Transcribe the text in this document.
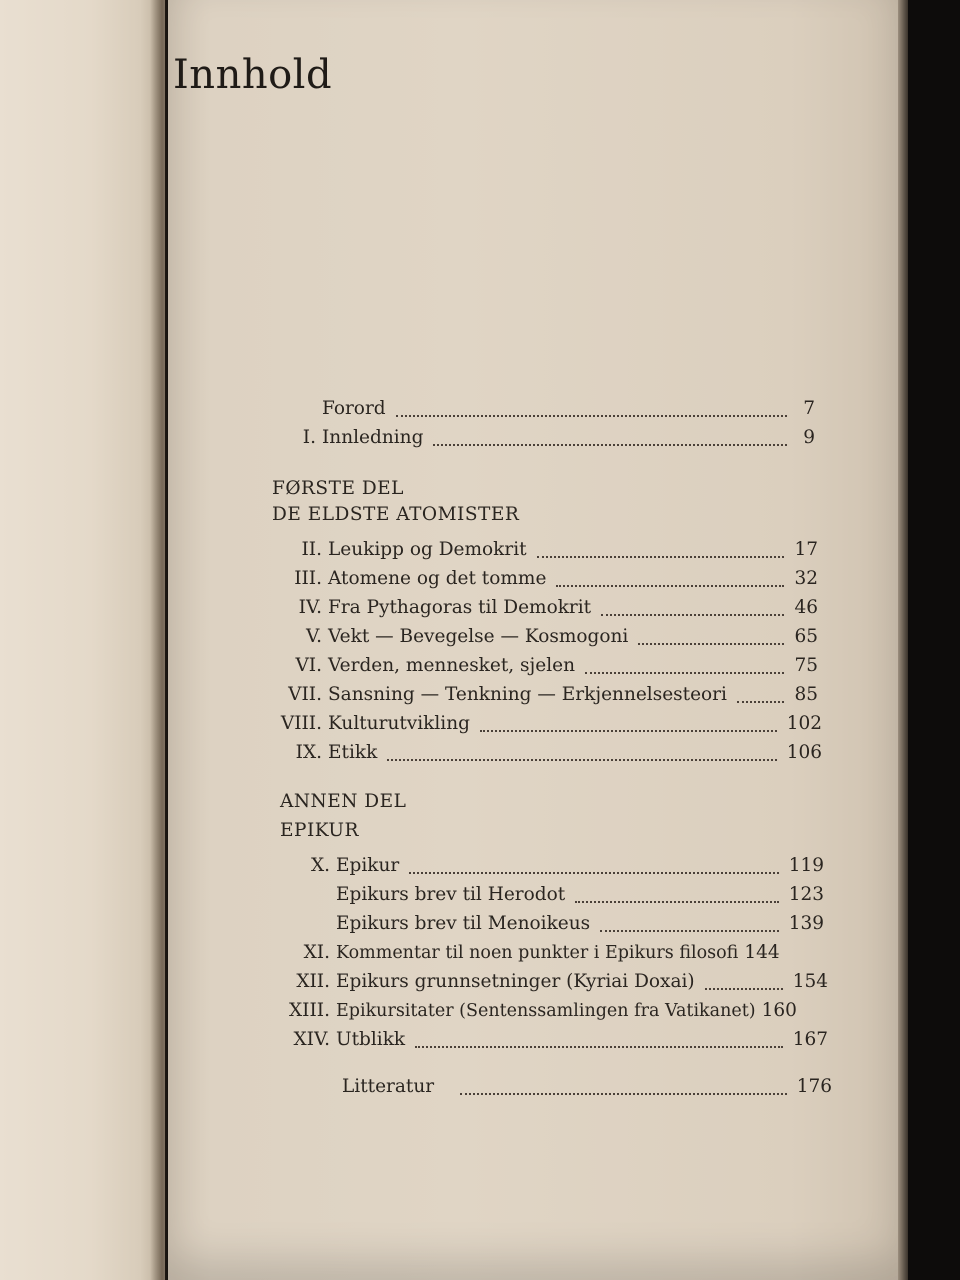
Innhold
Forord	7
I. Innledning	9
FØRSTE DEL
DE ELDSTE ATOMISTER
II. Leukipp og Demokrit	17
III. Atomene og det tomme	32
IV. Fra Pythagoras til Demokrit	46
V. Vekt — Bevegelse — Kosmogoni	65
VI. Verden, mennesket, sjelen	75
VII. Sansning — Tenkning — Erkjennelsesteori	85
VIII. Kulturutvikling	102
IX. Etikk	106
ANNEN DEL
EPIKUR
X. Epikur	119
Epikurs brev til Herodot	123
Epikurs brev til Menoikeus	139
XI. Kommentar til noen punkter i Epikurs filosofi 144
XII. Epikurs grunnsetninger (Kyriai Doxai)	154
XIII. Epikursitater (Sentenssamlingen fra Vatikanet) 160
XIV. Utblikk	167
Litteratur	176
